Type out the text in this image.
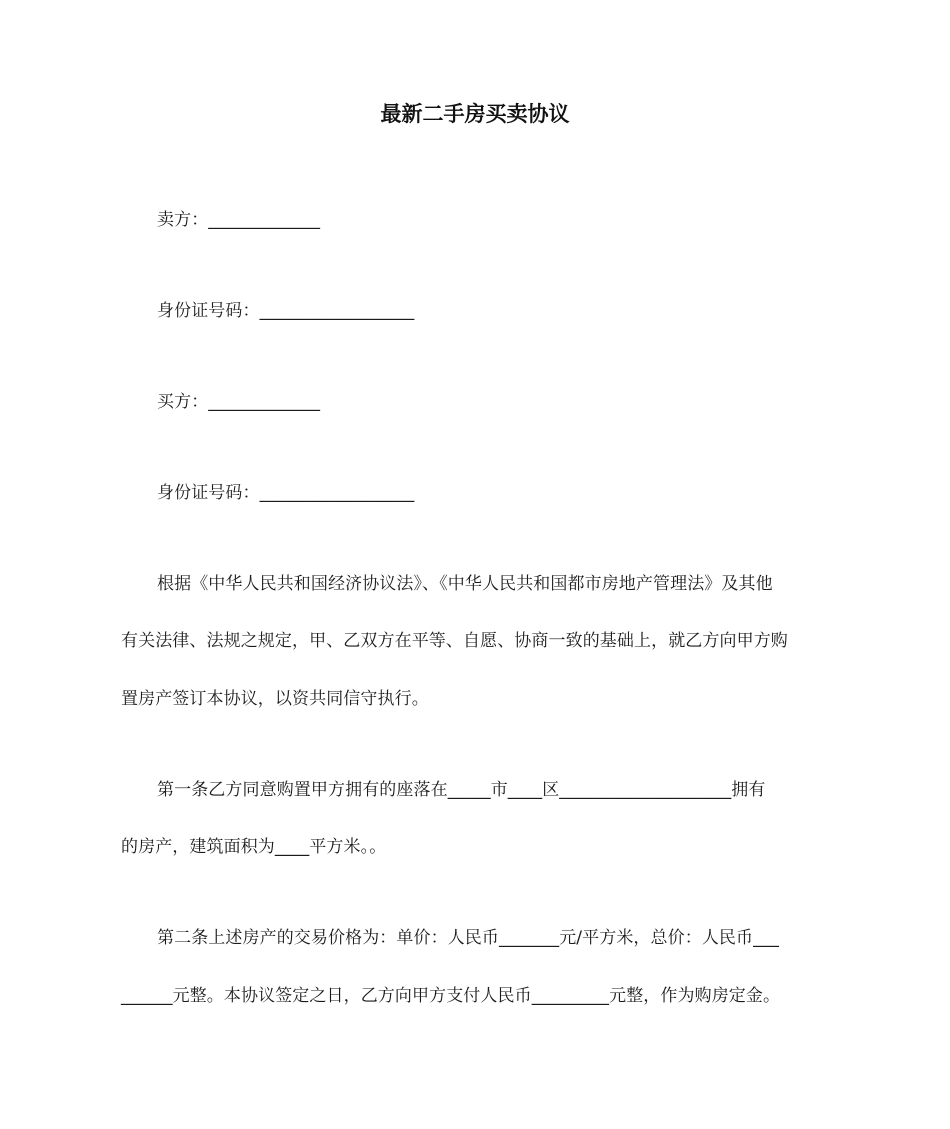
最新二手房买卖协议
卖方：_____________
身份证号码：__________________
买方：_____________
身份证号码：__________________
根据《中华人民共和国经济协议法》、《中华人民共和国都市房地产管理法》及其他
有关法律、法规之规定，甲、乙双方在平等、自愿、协商一致的基础上，就乙方向甲方购
置房产签订本协议，以资共同信守执行。
第一条乙方同意购置甲方拥有的座落在_____市____区____________________拥有
的房产，建筑面积为____平方米。。
第二条上述房产的交易价格为：单价：人民币_______元/平方米，总价：人民币___
______元整。本协议签定之日，乙方向甲方支付人民币_________元整，作为购房定金。
